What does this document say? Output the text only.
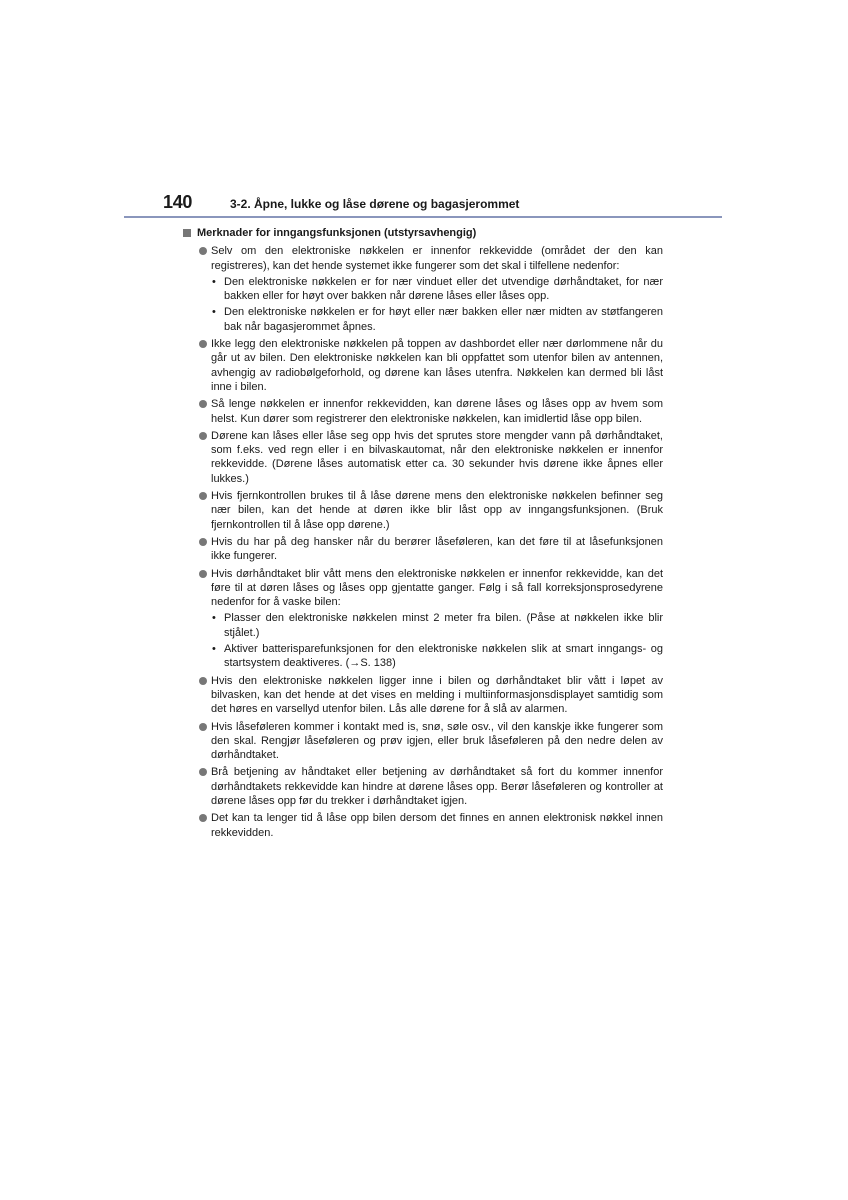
140	3-2. Åpne, lukke og låse dørene og bagasjerommet
Merknader for inngangsfunksjonen (utstyrsavhengig)

Selv om den elektroniske nøkkelen er innenfor rekkevidde (området der den kan registreres), kan det hende systemet ikke fungerer som det skal i tilfellene nedenfor:

• Den elektroniske nøkkelen er for nær vinduet eller det utvendige dørhåndtaket, for nær bakken eller for høyt over bakken når dørene låses eller låses opp.
• Den elektroniske nøkkelen er for høyt eller nær bakken eller nær midten av støtfangeren bak når bagasjerommet åpnes.

Ikke legg den elektroniske nøkkelen på toppen av dashbordet eller nær dørlommene når du går ut av bilen. Den elektroniske nøkkelen kan bli oppfattet som utenfor bilen av antennen, avhengig av radiobølgeforhold, og dørene kan låses utenfra. Nøkkelen kan dermed bli låst inne i bilen.

Så lenge nøkkelen er innenfor rekkevidden, kan dørene låses og låses opp av hvem som helst. Kun dører som registrerer den elektroniske nøkkelen, kan imidlertid låse opp bilen.

Dørene kan låses eller låse seg opp hvis det sprutes store mengder vann på dørhåndtaket, som f.eks. ved regn eller i en bilvaskautomat, når den elektroniske nøkkelen er innenfor rekkevidde. (Dørene låses automatisk etter ca. 30 sekunder hvis dørene ikke åpnes eller lukkes.)

Hvis fjernkontrollen brukes til å låse dørene mens den elektroniske nøkkelen befinner seg nær bilen, kan det hende at døren ikke blir låst opp av inngangsfunksjonen. (Bruk fjernkontrollen til å låse opp dørene.)

Hvis du har på deg hansker når du berører låseføleren, kan det føre til at låsefunksjonen ikke fungerer.

Hvis dørhåndtaket blir vått mens den elektroniske nøkkelen er innenfor rekkevidde, kan det føre til at døren låses og låses opp gjentatte ganger. Følg i så fall korreksjonsprosedyrene nedenfor for å vaske bilen:

• Plasser den elektroniske nøkkelen minst 2 meter fra bilen. (Påse at nøkkelen ikke blir stjålet.)
• Aktiver batterisparefunksjonen for den elektroniske nøkkelen slik at smart inngangs- og startsystem deaktiveres. (→S. 138)

Hvis den elektroniske nøkkelen ligger inne i bilen og dørhåndtaket blir vått i løpet av bilvasken, kan det hende at det vises en melding i multiinformasjonsdisplayet samtidig som det høres en varsellyd utenfor bilen. Lås alle dørene for å slå av alarmen.

Hvis låseføleren kommer i kontakt med is, snø, søle osv., vil den kanskje ikke fungerer som den skal. Rengjør låseføleren og prøv igjen, eller bruk låseføleren på den nedre delen av dørhåndtaket.

Brå betjening av håndtaket eller betjening av dørhåndtaket så fort du kommer innenfor dørhåndtakets rekkevidde kan hindre at dørene låses opp. Berør låseføleren og kontroller at dørene låses opp før du trekker i dørhåndtaket igjen.

Det kan ta lenger tid å låse opp bilen dersom det finnes en annen elektronisk nøkkel innen rekkevidden.
